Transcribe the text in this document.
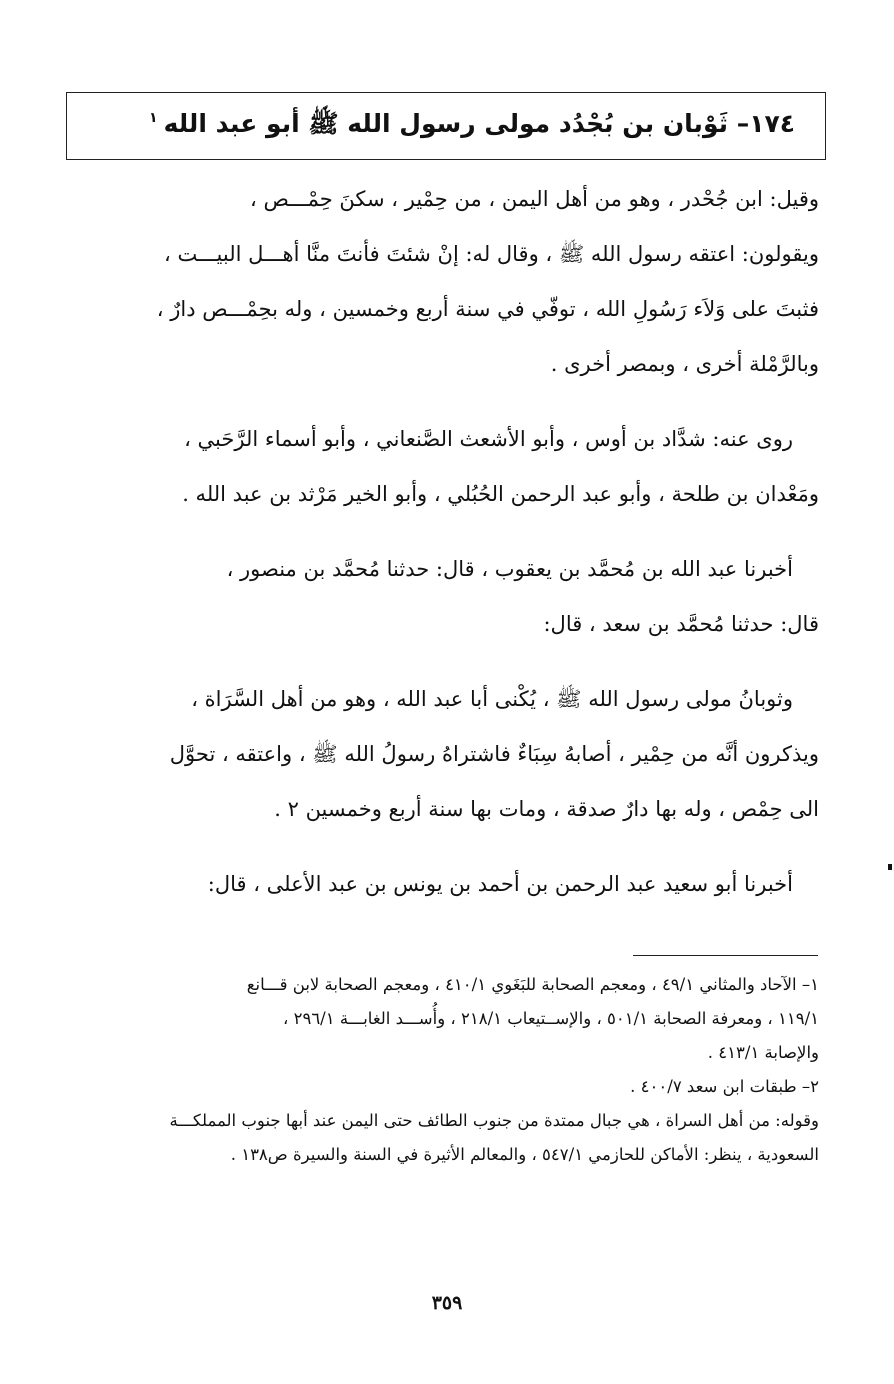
١٧٤– ثَوْبان بن بُجْدُد مولى رسول الله ﷺ أبو عبد الله$^١$
وقيل: ابن جُحْدر ، وهو من أهل اليمن ، من حِمْير ، سكنَ حِمْـــص ،
ويقولون: اعتقه رسول الله ﷺ ، وقال له: إنْ شئتَ فأنتَ منَّا أهـــل البيـــت ،
فثبتَ على وَلاَء رَسُولِ الله ، توفّي في سنة أربع وخمسين ، وله بحِمْـــص دارٌ ،
وبالرَّمْلة أخرى ، وبمصر أخرى .
روى عنه: شدَّاد بن أوس ، وأبو الأشعث الصَّنعاني ، وأبو أسماء الرَّحَبي ،
ومَعْدان بن طلحة ، وأبو عبد الرحمن الحُبُلي ، وأبو الخير مَرْثد بن عبد الله .
أخبرنا عبد الله بن مُحمَّد بن يعقوب ، قال: حدثنا مُحمَّد بن منصور ،
قال: حدثنا مُحمَّد بن سعد ، قال:
وثوبانُ مولى رسول الله ﷺ ، يُكْنى أبا عبد الله ، وهو من أهل السَّرَاة ،
ويذكرون أنَّه من حِمْير ، أصابهُ سِبَاءٌ فاشتراهُ رسولُ الله ﷺ ، واعتقه ، تحوَّل
الى حِمْص ، وله بها دارٌ صدقة ، ومات بها سنة أربع وخمسين ٢ .
أخبرنا أبو سعيد عبد الرحمن بن أحمد بن يونس بن عبد الأعلى ، قال:
١– الآحاد والمثاني ٤٩/١ ، ومعجم الصحابة للبَغَوي ٤١٠/١ ، ومعجم الصحابة لابن قـــانع
١١٩/١ ، ومعرفة الصحابة ٥٠١/١ ، والإســتيعاب ٢١٨/١ ، وأُســـد الغابـــة ٢٩٦/١ ،
والإصابة ٤١٣/١ .
٢– طبقات ابن سعد ٤٠٠/٧ .
وقوله: من أهل السراة ، هي جبال ممتدة من جنوب الطائف حتى اليمن عند أبها جنوب المملكـــة
السعودية ، ينظر: الأماكن للحازمي ٥٤٧/١ ، والمعالم الأثيرة في السنة والسيرة ص١٣٨ .
٣٥٩
